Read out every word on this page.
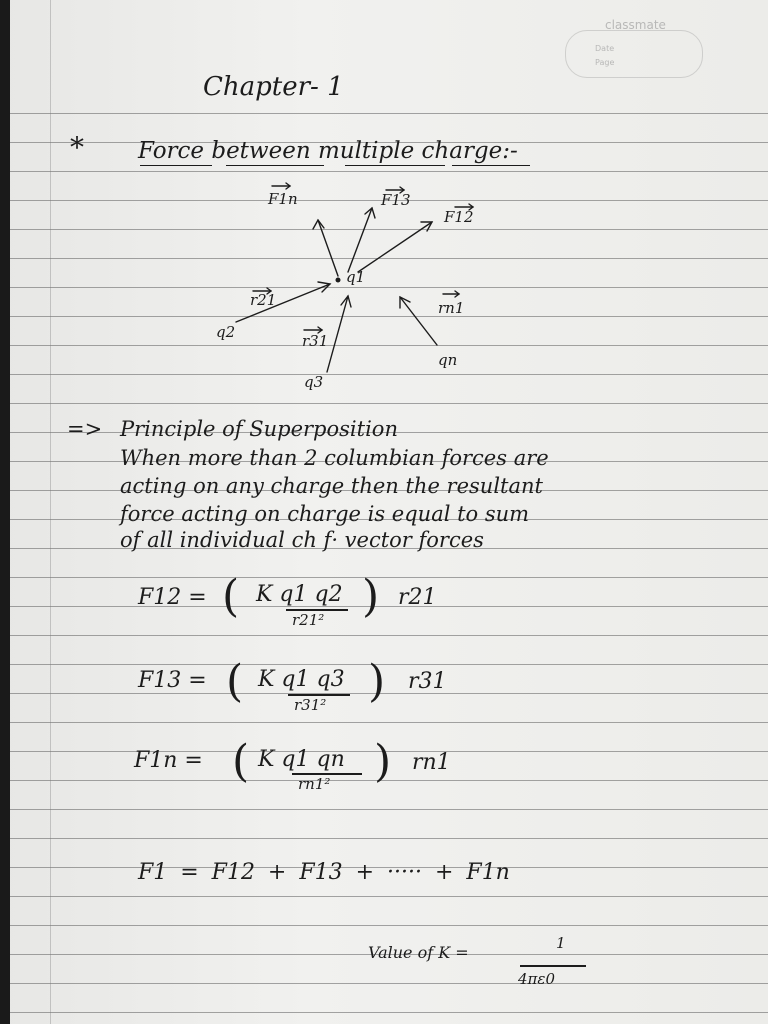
classmate
Date
Page
Chapter- 1
* Force between multiple charge:-
F1n	F13
F12
q1
r21
q2
rn1
r31
qn
q3
=> Principle of Superposition
When more than 2 columbian forces are
acting on any charge then the resultant
force acting on charge is equal to sum
of all individual ch f· vector forces
F12 = ( K q1 q2
r21² ) r21
F13 = ( K q1 q3
r31² ) r31
F1n = ( K q1 qn
rn1² ) rn1
F1 = F12 + F13 + ····· + F1n
Value of K =	1
4πε0
